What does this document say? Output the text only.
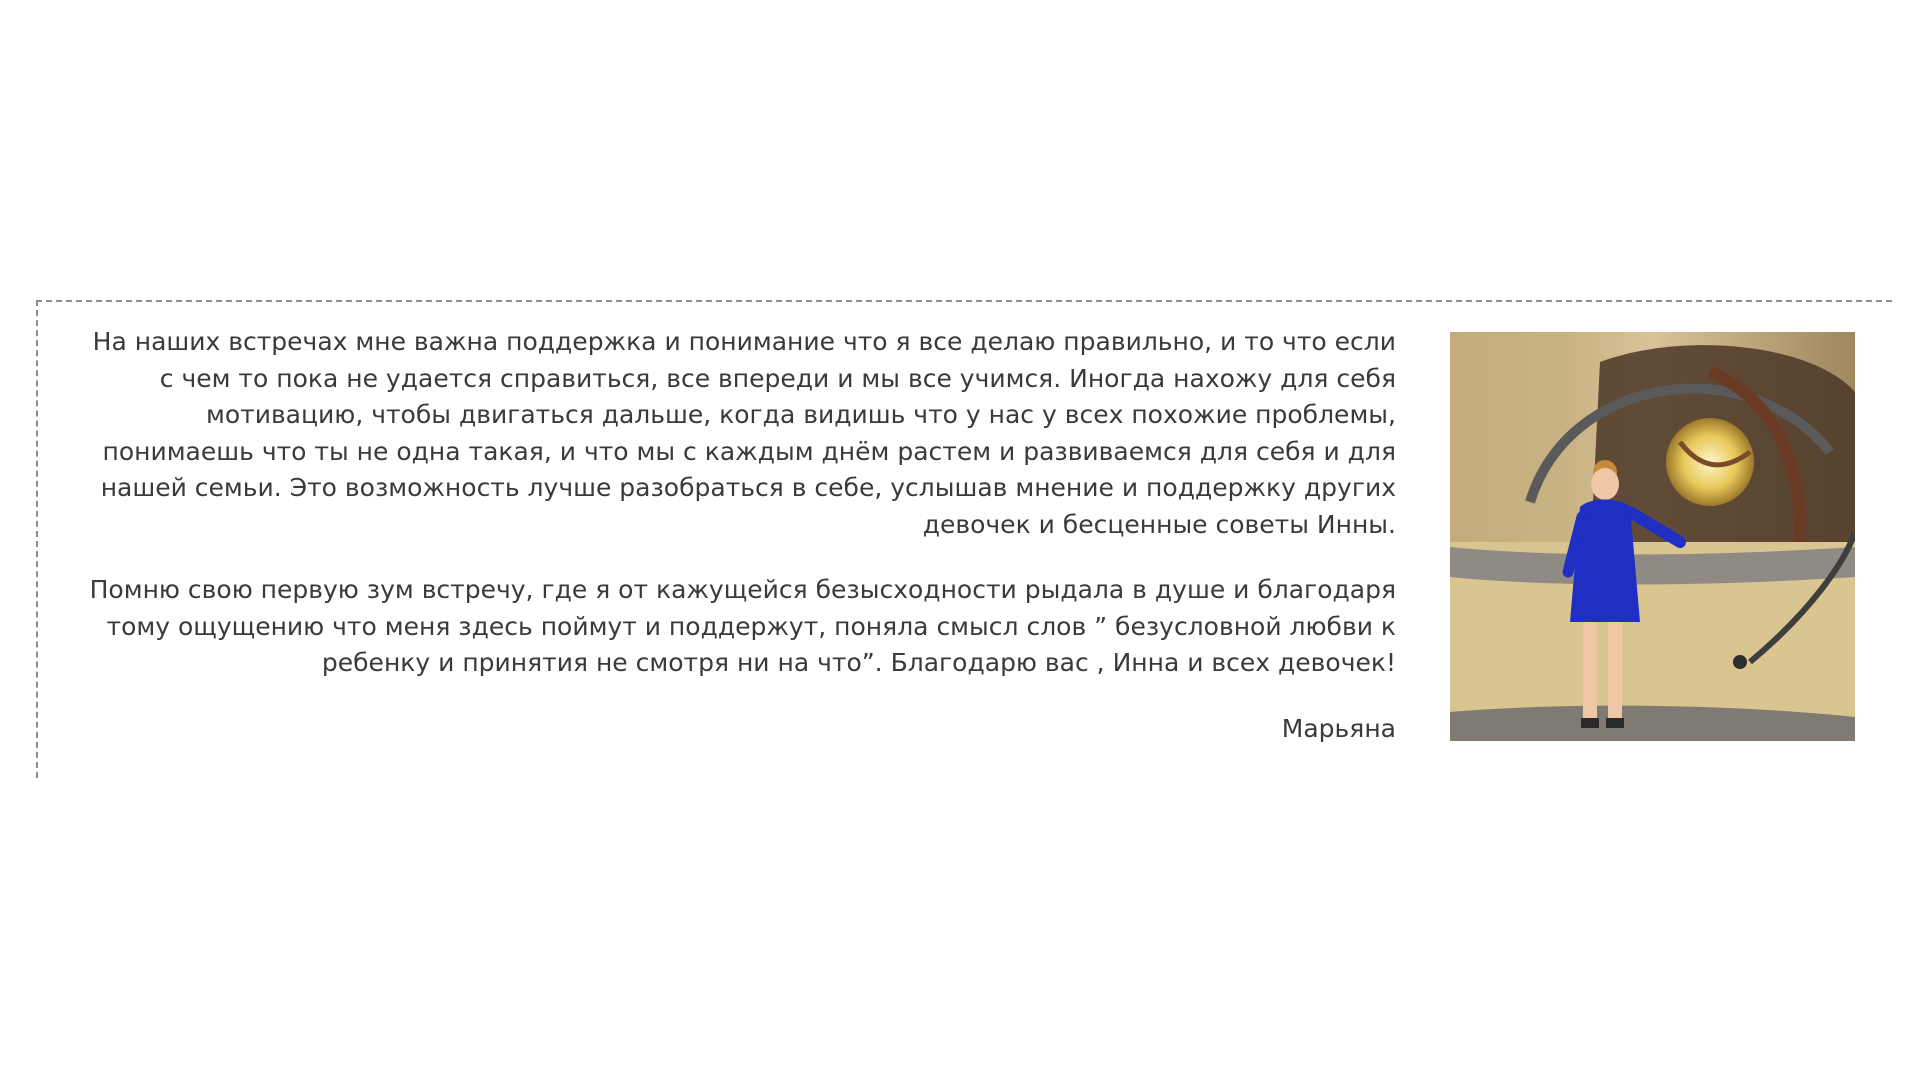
На наших встречах мне важна поддержка и понимание что я все делаю правильно, и то что если с чем то пока не удается справиться, все впереди и мы все учимся. Иногда нахожу для себя мотивацию, чтобы двигаться дальше, когда видишь что у нас у всех похожие проблемы, понимаешь что ты не одна такая, и что мы с каждым днём растем и развиваемся для себя и для нашей семьи. Это возможность лучше разобраться в себе, услышав мнение и поддержку других девочек и бесценные советы Инны.

Помню свою первую зум встречу, где я от кажущейся безысходности рыдала в душе и благодаря тому ощущению что меня здесь поймут и поддержут, поняла смысл слов ” безусловной любви к ребенку и принятия не смотря ни на что”. Благодарю вас , Инна и всех девочек!

Марьяна
